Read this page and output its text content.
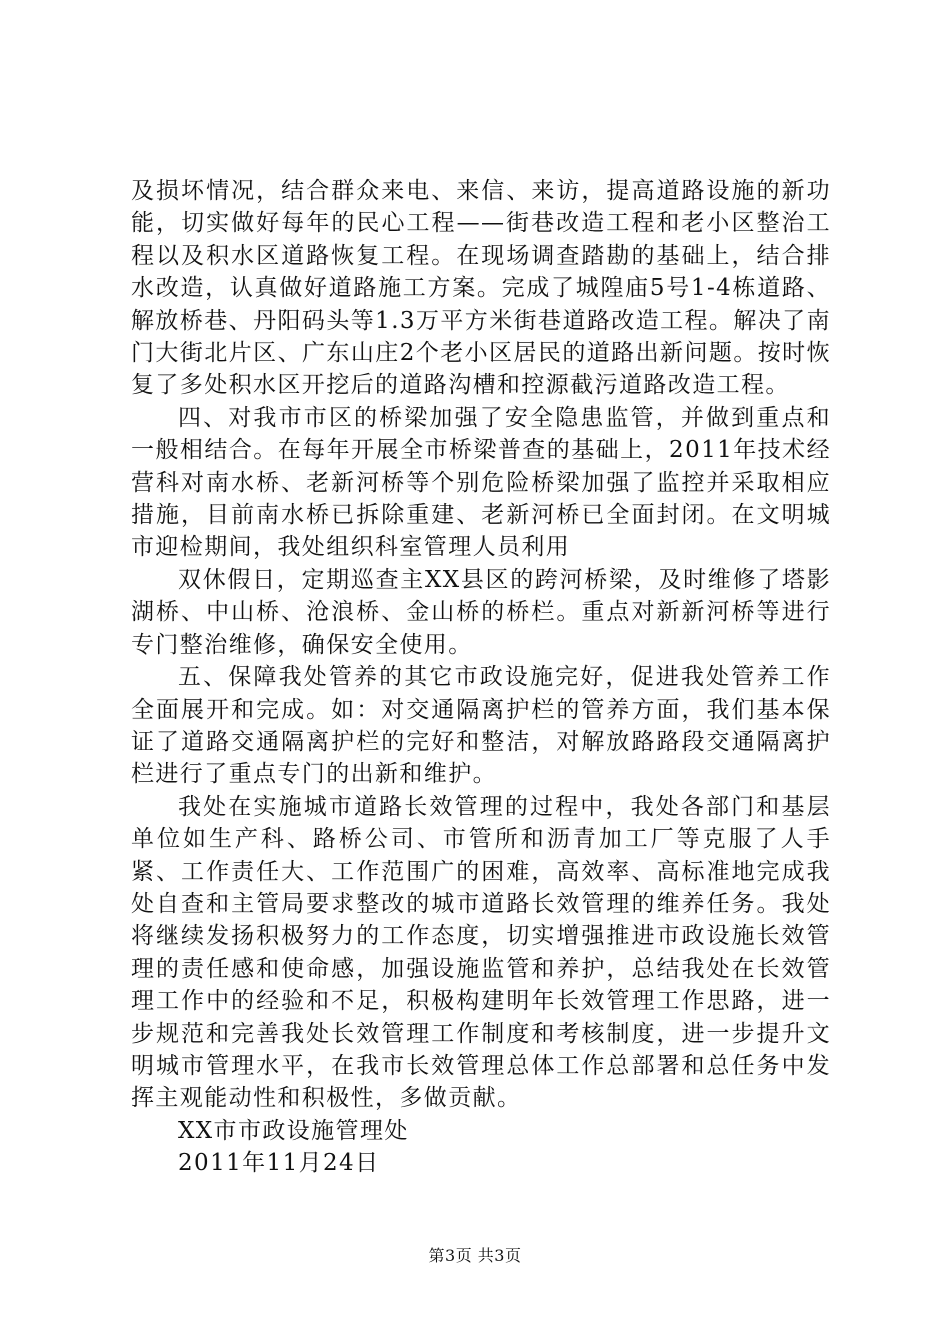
及损坏情况，结合群众来电、来信、来访，提高道路设施的新功能，切实做好每年的民心工程——街巷改造工程和老小区整治工程以及积水区道路恢复工程。在现场调查踏勘的基础上，结合排水改造，认真做好道路施工方案。完成了城隍庙5号1-4栋道路、解放桥巷、丹阳码头等1.3万平方米街巷道路改造工程。解决了南门大街北片区、广东山庄2个老小区居民的道路出新问题。按时恢复了多处积水区开挖后的道路沟槽和控源截污道路改造工程。

四、对我市市区的桥梁加强了安全隐患监管，并做到重点和一般相结合。在每年开展全市桥梁普查的基础上，2011年技术经营科对南水桥、老新河桥等个别危险桥梁加强了监控并采取相应措施，目前南水桥已拆除重建、老新河桥已全面封闭。在文明城市迎检期间，我处组织科室管理人员利用

双休假日，定期巡查主XX县区的跨河桥梁，及时维修了塔影湖桥、中山桥、沧浪桥、金山桥的桥栏。重点对新新河桥等进行专门整治维修，确保安全使用。

五、保障我处管养的其它市政设施完好，促进我处管养工作全面展开和完成。如：对交通隔离护栏的管养方面，我们基本保证了道路交通隔离护栏的完好和整洁，对解放路路段交通隔离护栏进行了重点专门的出新和维护。

我处在实施城市道路长效管理的过程中，我处各部门和基层单位如生产科、路桥公司、市管所和沥青加工厂等克服了人手紧、工作责任大、工作范围广的困难，高效率、高标准地完成我处自查和主管局要求整改的城市道路长效管理的维养任务。我处将继续发扬积极努力的工作态度，切实增强推进市政设施长效管理的责任感和使命感，加强设施监管和养护，总结我处在长效管理工作中的经验和不足，积极构建明年长效管理工作思路，进一步规范和完善我处长效管理工作制度和考核制度，进一步提升文明城市管理水平，在我市长效管理总体工作总部署和总任务中发挥主观能动性和积极性，多做贡献。

XX市市政设施管理处

2011年11月24日

第3页 共3页
